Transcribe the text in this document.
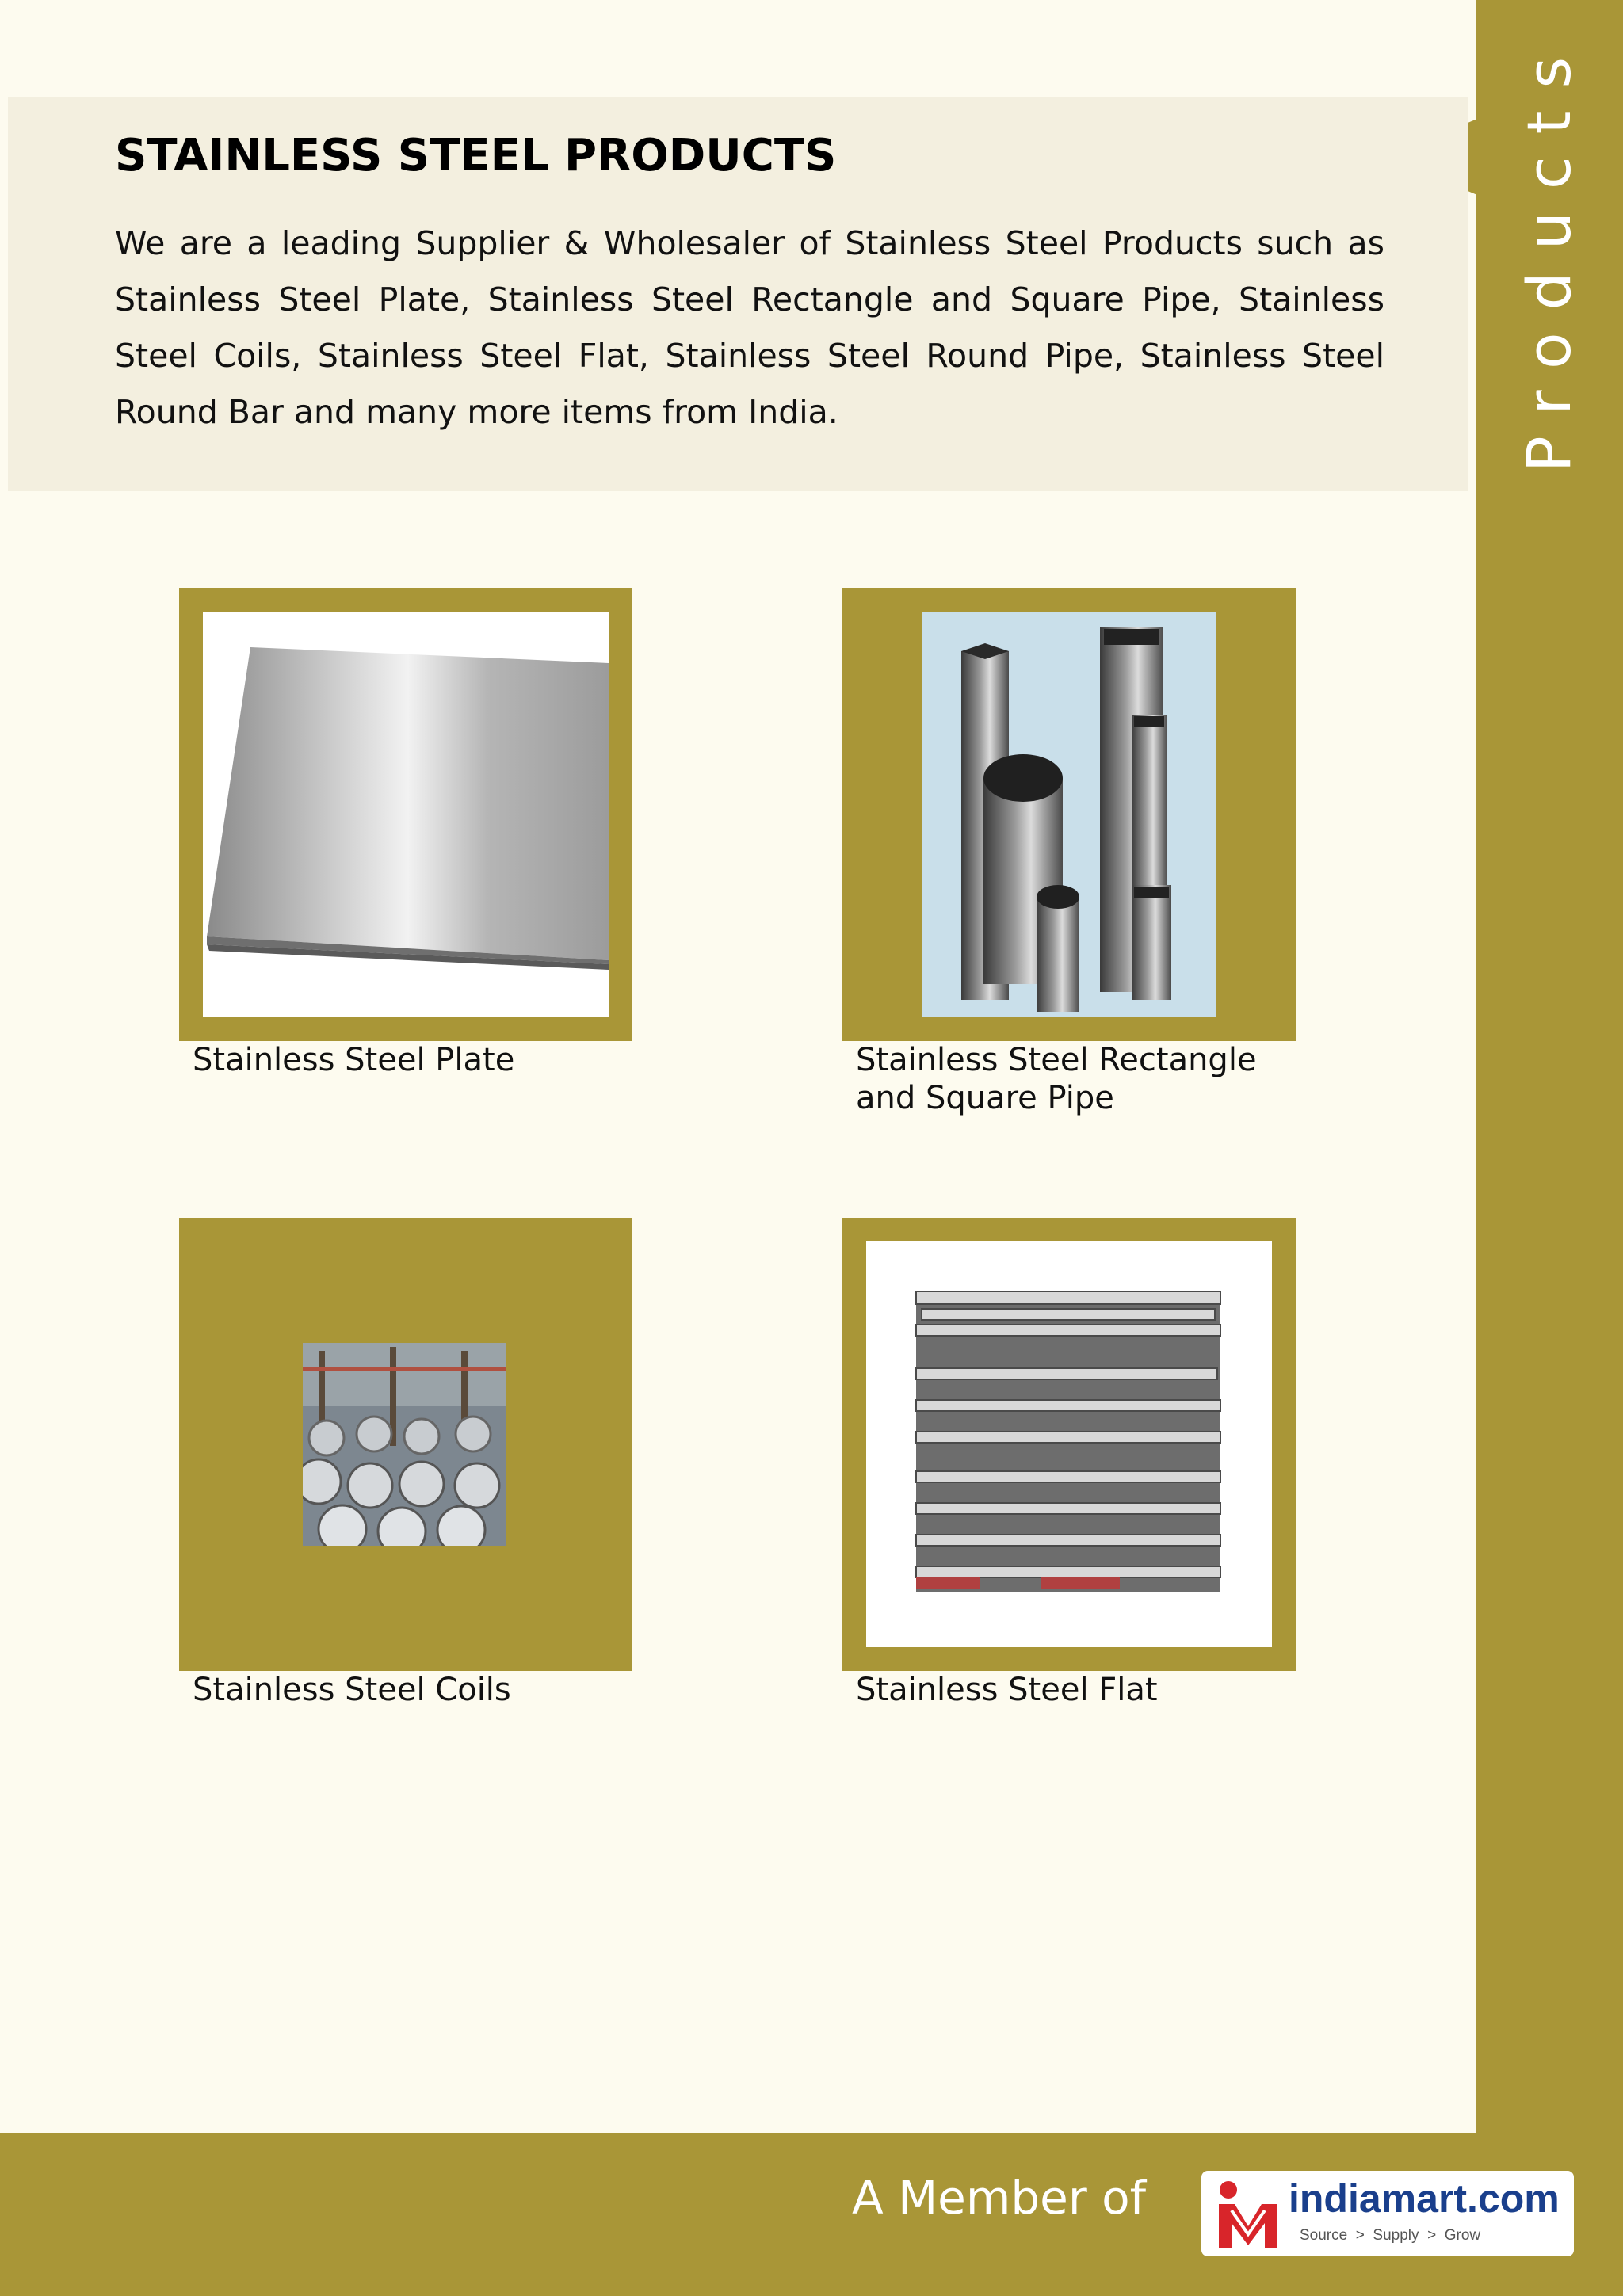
Products
STAINLESS STEEL PRODUCTS

We are a leading Supplier & Wholesaler of Stainless Steel Products such as Stainless Steel Plate, Stainless Steel Rectangle and Square Pipe, Stainless Steel Coils, Stainless Steel Flat, Stainless Steel Round Pipe, Stainless Steel Round Bar and many more items from India.

Stainless Steel Plate	Stainless Steel Rectangle and Square Pipe

Stainless Steel Coils	Stainless Steel Flat

A Member of	indiamart.com
Source  >  Supply  >  Grow
